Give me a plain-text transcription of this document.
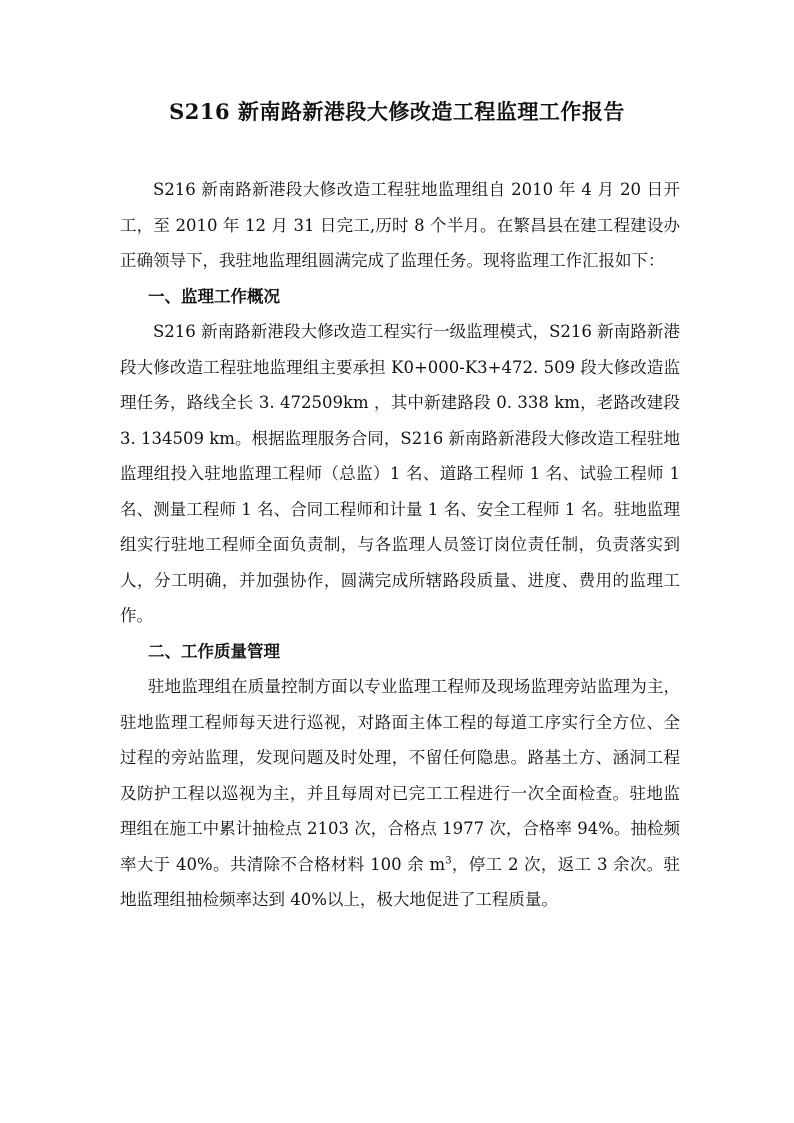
S216 新南路新港段大修改造工程监理工作报告

S216 新南路新港段大修改造工程驻地监理组自 2010 年 4 月 20 日开工，至 2010 年 12 月 31 日完工,历时 8 个半月。在繁昌县在建工程建设办正确领导下，我驻地监理组圆满完成了监理任务。现将监理工作汇报如下：

一、监理工作概况

S216 新南路新港段大修改造工程实行一级监理模式，S216 新南路新港段大修改造工程驻地监理组主要承担 K0+000-K3+472. 509 段大修改造监理任务，路线全长 3. 472509km ，其中新建路段 0. 338 km，老路改建段 3. 134509 km。根据监理服务合同，S216 新南路新港段大修改造工程驻地监理组投入驻地监理工程师（总监）1 名、道路工程师 1 名、试验工程师 1 名、测量工程师 1 名、合同工程师和计量 1 名、安全工程师 1 名。驻地监理组实行驻地工程师全面负责制，与各监理人员签订岗位责任制，负责落实到人，分工明确，并加强协作，圆满完成所辖路段质量、进度、费用的监理工作。

二、工作质量管理

驻地监理组在质量控制方面以专业监理工程师及现场监理旁站监理为主，驻地监理工程师每天进行巡视，对路面主体工程的每道工序实行全方位、全过程的旁站监理，发现问题及时处理，不留任何隐患。路基土方、涵洞工程及防护工程以巡视为主，并且每周对已完工工程进行一次全面检查。驻地监理组在施工中累计抽检点 2103 次，合格点 1977 次，合格率 94%。抽检频率大于 40%。共清除不合格材料 100 余 $m^3$，停工 2 次，返工 3 余次。驻地监理组抽检频率达到 40%以上，极大地促进了工程质量。
